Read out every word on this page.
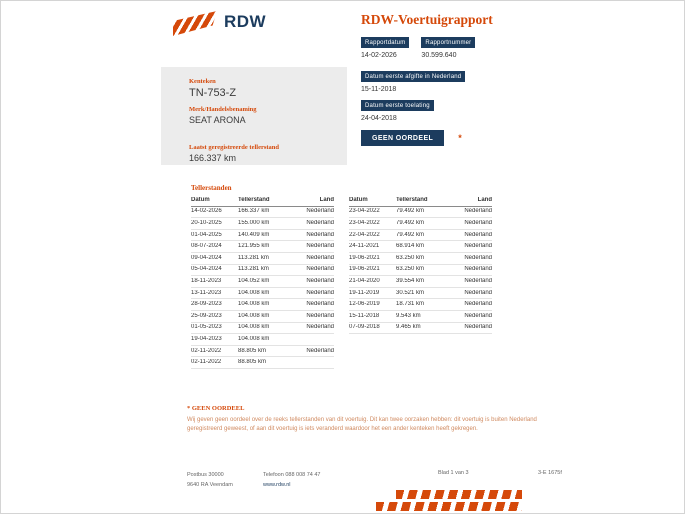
RDW	RDW-Voertuigrapport
Rapportdatum
14-02-2026
Rapportnummer
30.599.640
Kenteken
TN-753-Z
Merk/Handelsbenaming
SEAT ARONA
Laatst geregistreerde tellerstand
166.337 km
Datum eerste afgifte in Nederland
15-11-2018
Datum eerste toelating
24-04-2018
GEEN OORDEEL	*
Tellerstanden
Datum	Tellerstand	Land
14-02-2026	166.337 km	Nederland
20-10-2025	155.000 km	Nederland
01-04-2025	140.409 km	Nederland
08-07-2024	121.955 km	Nederland
09-04-2024	113.281 km	Nederland
05-04-2024	113.281 km	Nederland
18-11-2023	104.052 km	Nederland
13-11-2023	104.008 km	Nederland
28-09-2023	104.008 km	Nederland
25-09-2023	104.008 km	Nederland
01-05-2023	104.008 km	Nederland
19-04-2023	104.008 km
02-11-2022	88.805 km	Nederland
02-11-2022	88.805 km
Datum	Tellerstand	Land
23-04-2022	79.492 km	Nederland
23-04-2022	79.492 km	Nederland
22-04-2022	79.492 km	Nederland
24-11-2021	68.914 km	Nederland
19-06-2021	63.250 km	Nederland
19-06-2021	63.250 km	Nederland
21-04-2020	39.554 km	Nederland
19-11-2019	30.521 km	Nederland
12-06-2019	18.731 km	Nederland
15-11-2018	9.543 km	Nederland
07-09-2018	9.465 km	Nederland
* GEEN OORDEEL
Wij geven geen oordeel over de reeks tellerstanden van dit voertuig. Dit kan twee oorzaken hebben: dit voertuig is buiten Nederland geregistreerd geweest, of aan dit voertuig is iets veranderd waardoor het een ander kenteken heeft gekregen.
Postbus 30000
9640 RA Veendam
Telefoon 088 008 74 47
www.rdw.nl
Blad 1 van 3	3-E 1675f
